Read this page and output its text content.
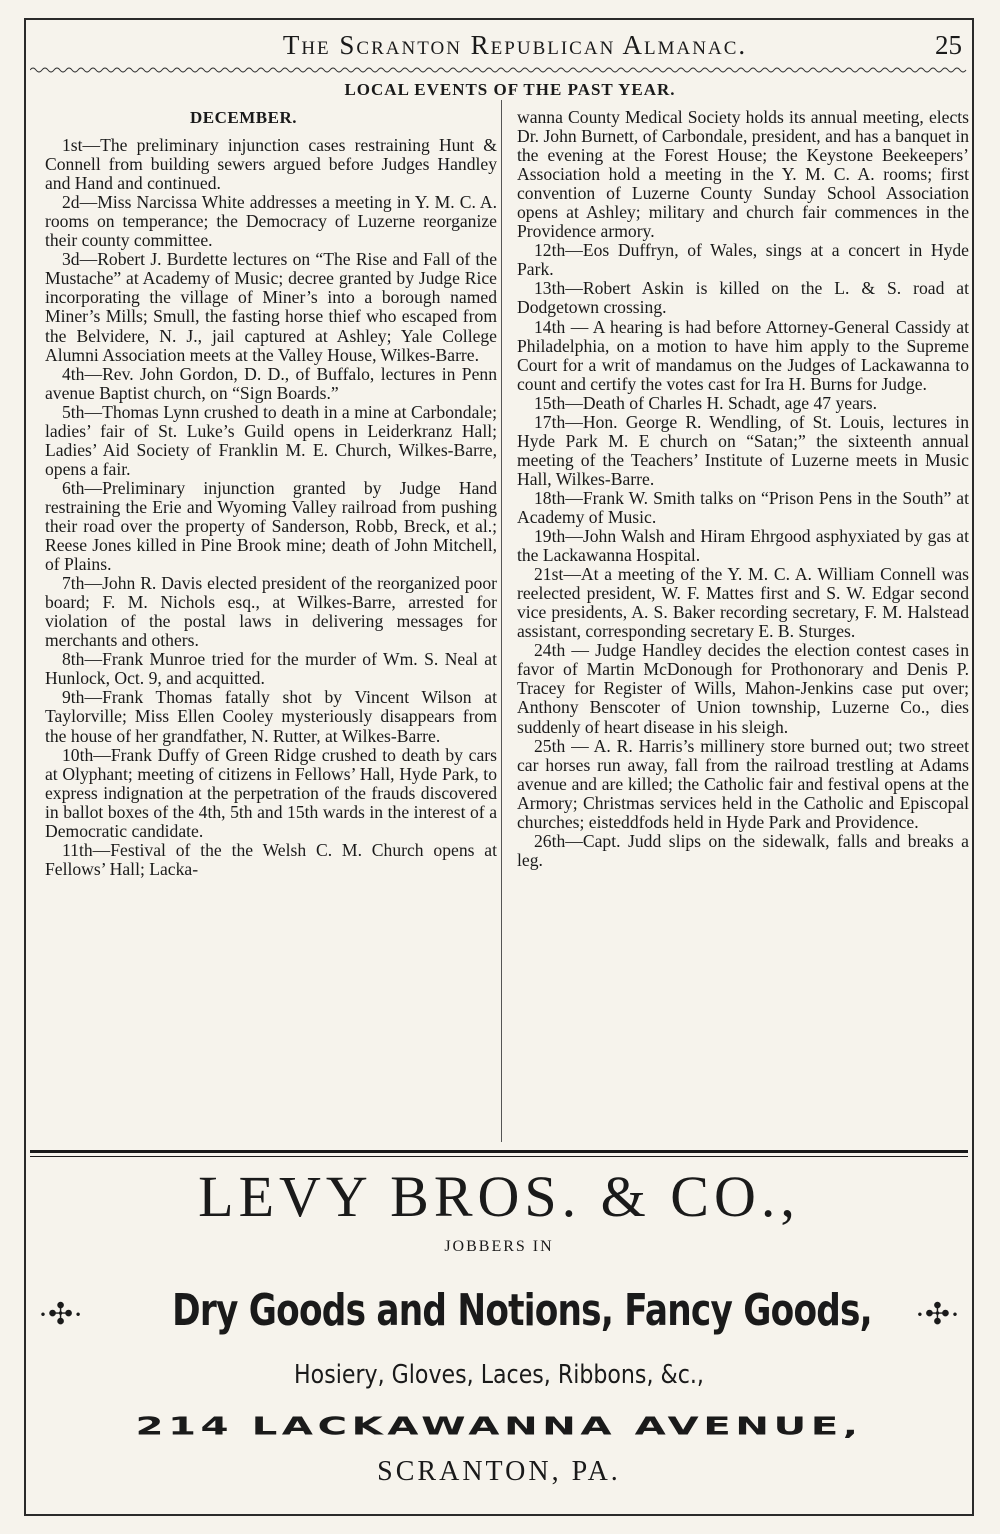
The Scranton Republican Almanac.	25
LOCAL EVENTS OF THE PAST YEAR.
DECEMBER.

1st—The preliminary injunction cases restraining Hunt & Connell from building sewers argued before Judges Handley and Hand and continued.

2d—Miss Narcissa White addresses a meeting in Y. M. C. A. rooms on temperance; the Democracy of Luzerne reorganize their county committee.

3d—Robert J. Burdette lectures on “The Rise and Fall of the Mustache” at Academy of Music; decree granted by Judge Rice incorporating the village of Miner’s into a borough named Miner’s Mills; Smull, the fasting horse thief who escaped from the Belvidere, N. J., jail captured at Ashley; Yale College Alumni Association meets at the Valley House, Wilkes-Barre.

4th—Rev. John Gordon, D. D., of Buffalo, lectures in Penn avenue Baptist church, on “Sign Boards.”

5th—Thomas Lynn crushed to death in a mine at Carbondale; ladies’ fair of St. Luke’s Guild opens in Leiderkranz Hall; Ladies’ Aid Society of Franklin M. E. Church, Wilkes-Barre, opens a fair.

6th—Preliminary injunction granted by Judge Hand restraining the Erie and Wyoming Valley railroad from pushing their road over the property of Sanderson, Robb, Breck, et al.; Reese Jones killed in Pine Brook mine; death of John Mitchell, of Plains.

7th—John R. Davis elected president of the reorganized poor board; F. M. Nichols esq., at Wilkes-Barre, arrested for violation of the postal laws in delivering messages for merchants and others.

8th—Frank Munroe tried for the murder of Wm. S. Neal at Hunlock, Oct. 9, and acquitted.

9th—Frank Thomas fatally shot by Vincent Wilson at Taylorville; Miss Ellen Cooley mysteriously disappears from the house of her grandfather, N. Rutter, at Wilkes-Barre.

10th—Frank Duffy of Green Ridge crushed to death by cars at Olyphant; meeting of citizens in Fellows’ Hall, Hyde Park, to express indignation at the perpetration of the frauds discovered in ballot boxes of the 4th, 5th and 15th wards in the interest of a Democratic candidate.

11th—Festival of the the Welsh C. M. Church opens at Fellows’ Hall; Lacka-

wanna County Medical Society holds its annual meeting, elects Dr. John Burnett, of Carbondale, president, and has a banquet in the evening at the Forest House; the Keystone Beekeepers’ Association hold a meeting in the Y. M. C. A. rooms; first convention of Luzerne County Sunday School Association opens at Ashley; military and church fair commences in the Providence armory.

12th—Eos Duffryn, of Wales, sings at a concert in Hyde Park.

13th—Robert Askin is killed on the L. & S. road at Dodgetown crossing.

14th — A hearing is had before Attorney-General Cassidy at Philadelphia, on a motion to have him apply to the Supreme Court for a writ of mandamus on the Judges of Lackawanna to count and certify the votes cast for Ira H. Burns for Judge.

15th—Death of Charles H. Schadt, age 47 years.

17th—Hon. George R. Wendling, of St. Louis, lectures in Hyde Park M. E church on “Satan;” the sixteenth annual meeting of the Teachers’ Institute of Luzerne meets in Music Hall, Wilkes-Barre.

18th—Frank W. Smith talks on “Prison Pens in the South” at Academy of Music.

19th—John Walsh and Hiram Ehrgood asphyxiated by gas at the Lackawanna Hospital.

21st—At a meeting of the Y. M. C. A. William Connell was reelected president, W. F. Mattes first and S. W. Edgar second vice presidents, A. S. Baker recording secretary, F. M. Halstead assistant, corresponding secretary E. B. Sturges.

24th — Judge Handley decides the election contest cases in favor of Martin McDonough for Prothonorary and Denis P. Tracey for Register of Wills, Mahon-Jenkins case put over; Anthony Benscoter of Union township, Luzerne Co., dies suddenly of heart disease in his sleigh.

25th — A. R. Harris’s millinery store burned out; two street car horses run away, fall from the railroad trestling at Adams avenue and are killed; the Catholic fair and festival opens at the Armory; Christmas services held in the Catholic and Episcopal churches; eisteddfods held in Hyde Park and Providence.

26th—Capt. Judd slips on the sidewalk, falls and breaks a leg.

LEVY BROS. & CO.,
JOBBERS IN
·✣· Dry Goods and Notions, Fancy Goods, ·✣·
Hosiery, Gloves, Laces, Ribbons, &c.,
214 LACKAWANNA AVENUE,
SCRANTON, PA.
